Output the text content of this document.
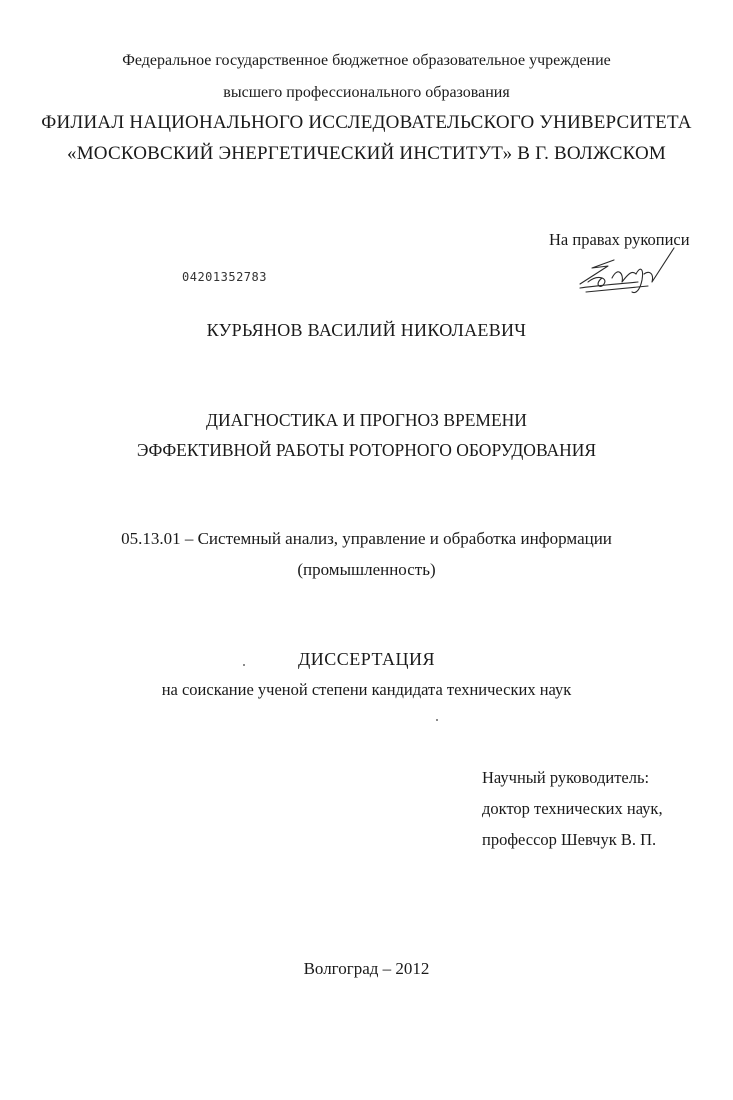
Федеральное государственное бюджетное образовательное учреждение

высшего профессионального образования

ФИЛИАЛ НАЦИОНАЛЬНОГО ИССЛЕДОВАТЕЛЬСКОГО УНИВЕРСИТЕТА

«МОСКОВСКИЙ ЭНЕРГЕТИЧЕСКИЙ ИНСТИТУТ» В Г. ВОЛЖСКОМ

На правах рукописи

04201352783

КУРЬЯНОВ ВАСИЛИЙ НИКОЛАЕВИЧ

ДИАГНОСТИКА И ПРОГНОЗ ВРЕМЕНИ

ЭФФЕКТИВНОЙ РАБОТЫ РОТОРНОГО ОБОРУДОВАНИЯ

05.13.01 – Системный анализ, управление и обработка информации

(промышленность)

ДИССЕРТАЦИЯ

на соискание ученой степени кандидата технических наук

Научный руководитель:

доктор технических наук,

профессор Шевчук В. П.

Волгоград – 2012
